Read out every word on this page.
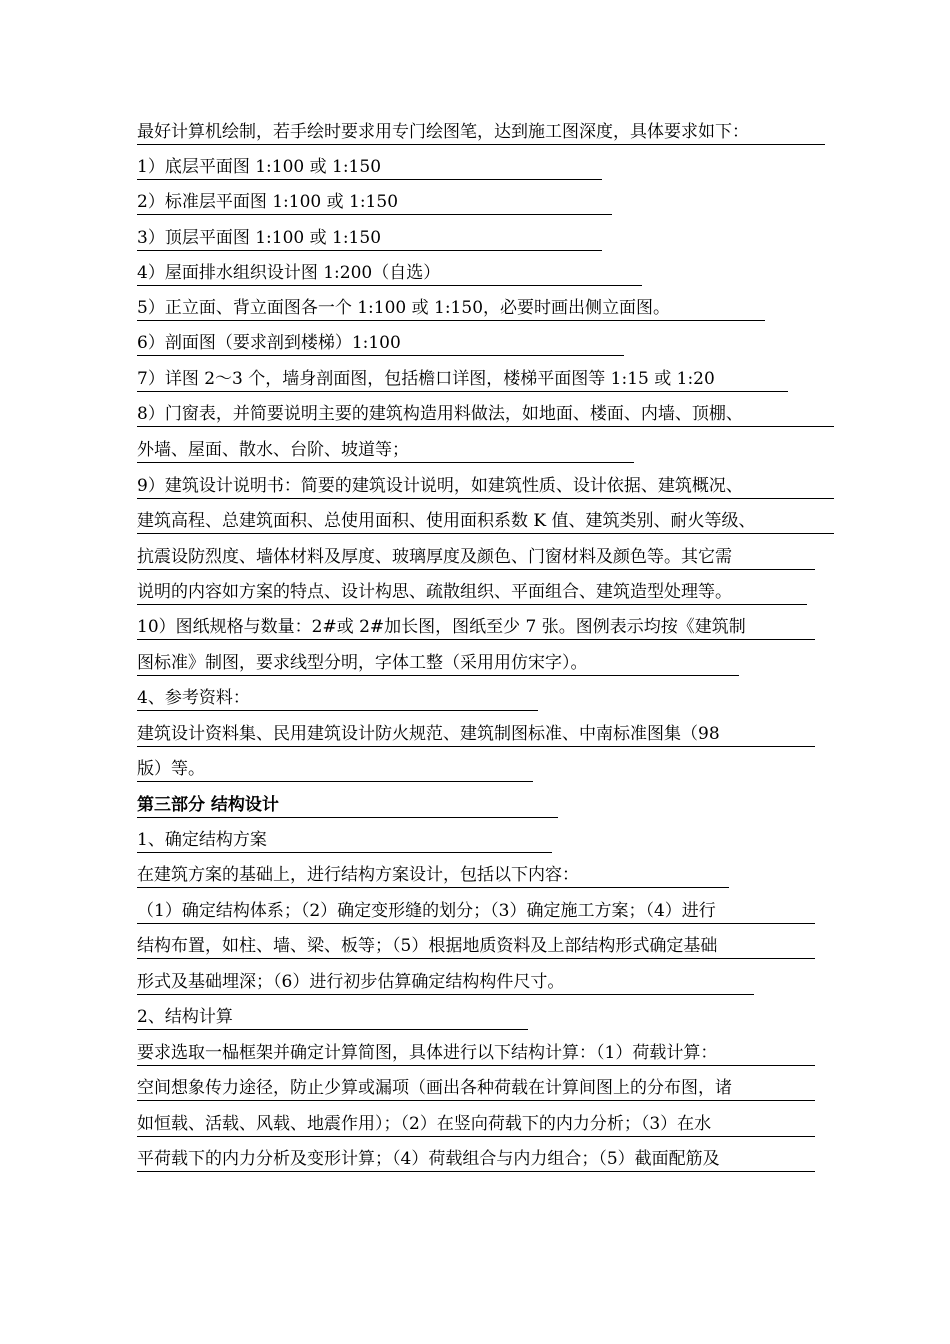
最好计算机绘制，若手绘时要求用专门绘图笔，达到施工图深度，具体要求如下：
1）底层平面图 1:100 或 1:150
2）标准层平面图 1:100 或 1:150
3）顶层平面图 1:100 或 1:150
4）屋面排水组织设计图 1:200（自选）
5）正立面、背立面图各一个 1:100 或 1:150，必要时画出侧立面图。
6）剖面图（要求剖到楼梯）1:100
7）详图 2～3 个，墙身剖面图，包括檐口详图，楼梯平面图等 1:15 或 1:20
8）门窗表，并简要说明主要的建筑构造用料做法，如地面、楼面、内墙、顶棚、
外墙、屋面、散水、台阶、坡道等；
9）建筑设计说明书：简要的建筑设计说明，如建筑性质、设计依据、建筑概况、
建筑高程、总建筑面积、总使用面积、使用面积系数 K 值、建筑类别、耐火等级、
抗震设防烈度、墙体材料及厚度、玻璃厚度及颜色、门窗材料及颜色等。其它需
说明的内容如方案的特点、设计构思、疏散组织、平面组合、建筑造型处理等。
10）图纸规格与数量：2#或 2#加长图，图纸至少 7 张。图例表示均按《建筑制
图标准》制图，要求线型分明，字体工整（采用用仿宋字）。
4、参考资料：
建筑设计资料集、民用建筑设计防火规范、建筑制图标准、中南标准图集（98
版）等。
第三部分 结构设计
1、确定结构方案
在建筑方案的基础上，进行结构方案设计，包括以下内容：
（1）确定结构体系；（2）确定变形缝的划分；（3）确定施工方案；（4）进行
结构布置，如柱、墙、梁、板等；（5）根据地质资料及上部结构形式确定基础
形式及基础埋深；（6）进行初步估算确定结构构件尺寸。
2、结构计算
要求选取一榀框架并确定计算简图，具体进行以下结构计算：（1）荷载计算：
空间想象传力途径，防止少算或漏项（画出各种荷载在计算间图上的分布图，诸
如恒载、活载、风载、地震作用）；（2）在竖向荷载下的内力分析；（3）在水
平荷载下的内力分析及变形计算；（4）荷载组合与内力组合；（5）截面配筋及
